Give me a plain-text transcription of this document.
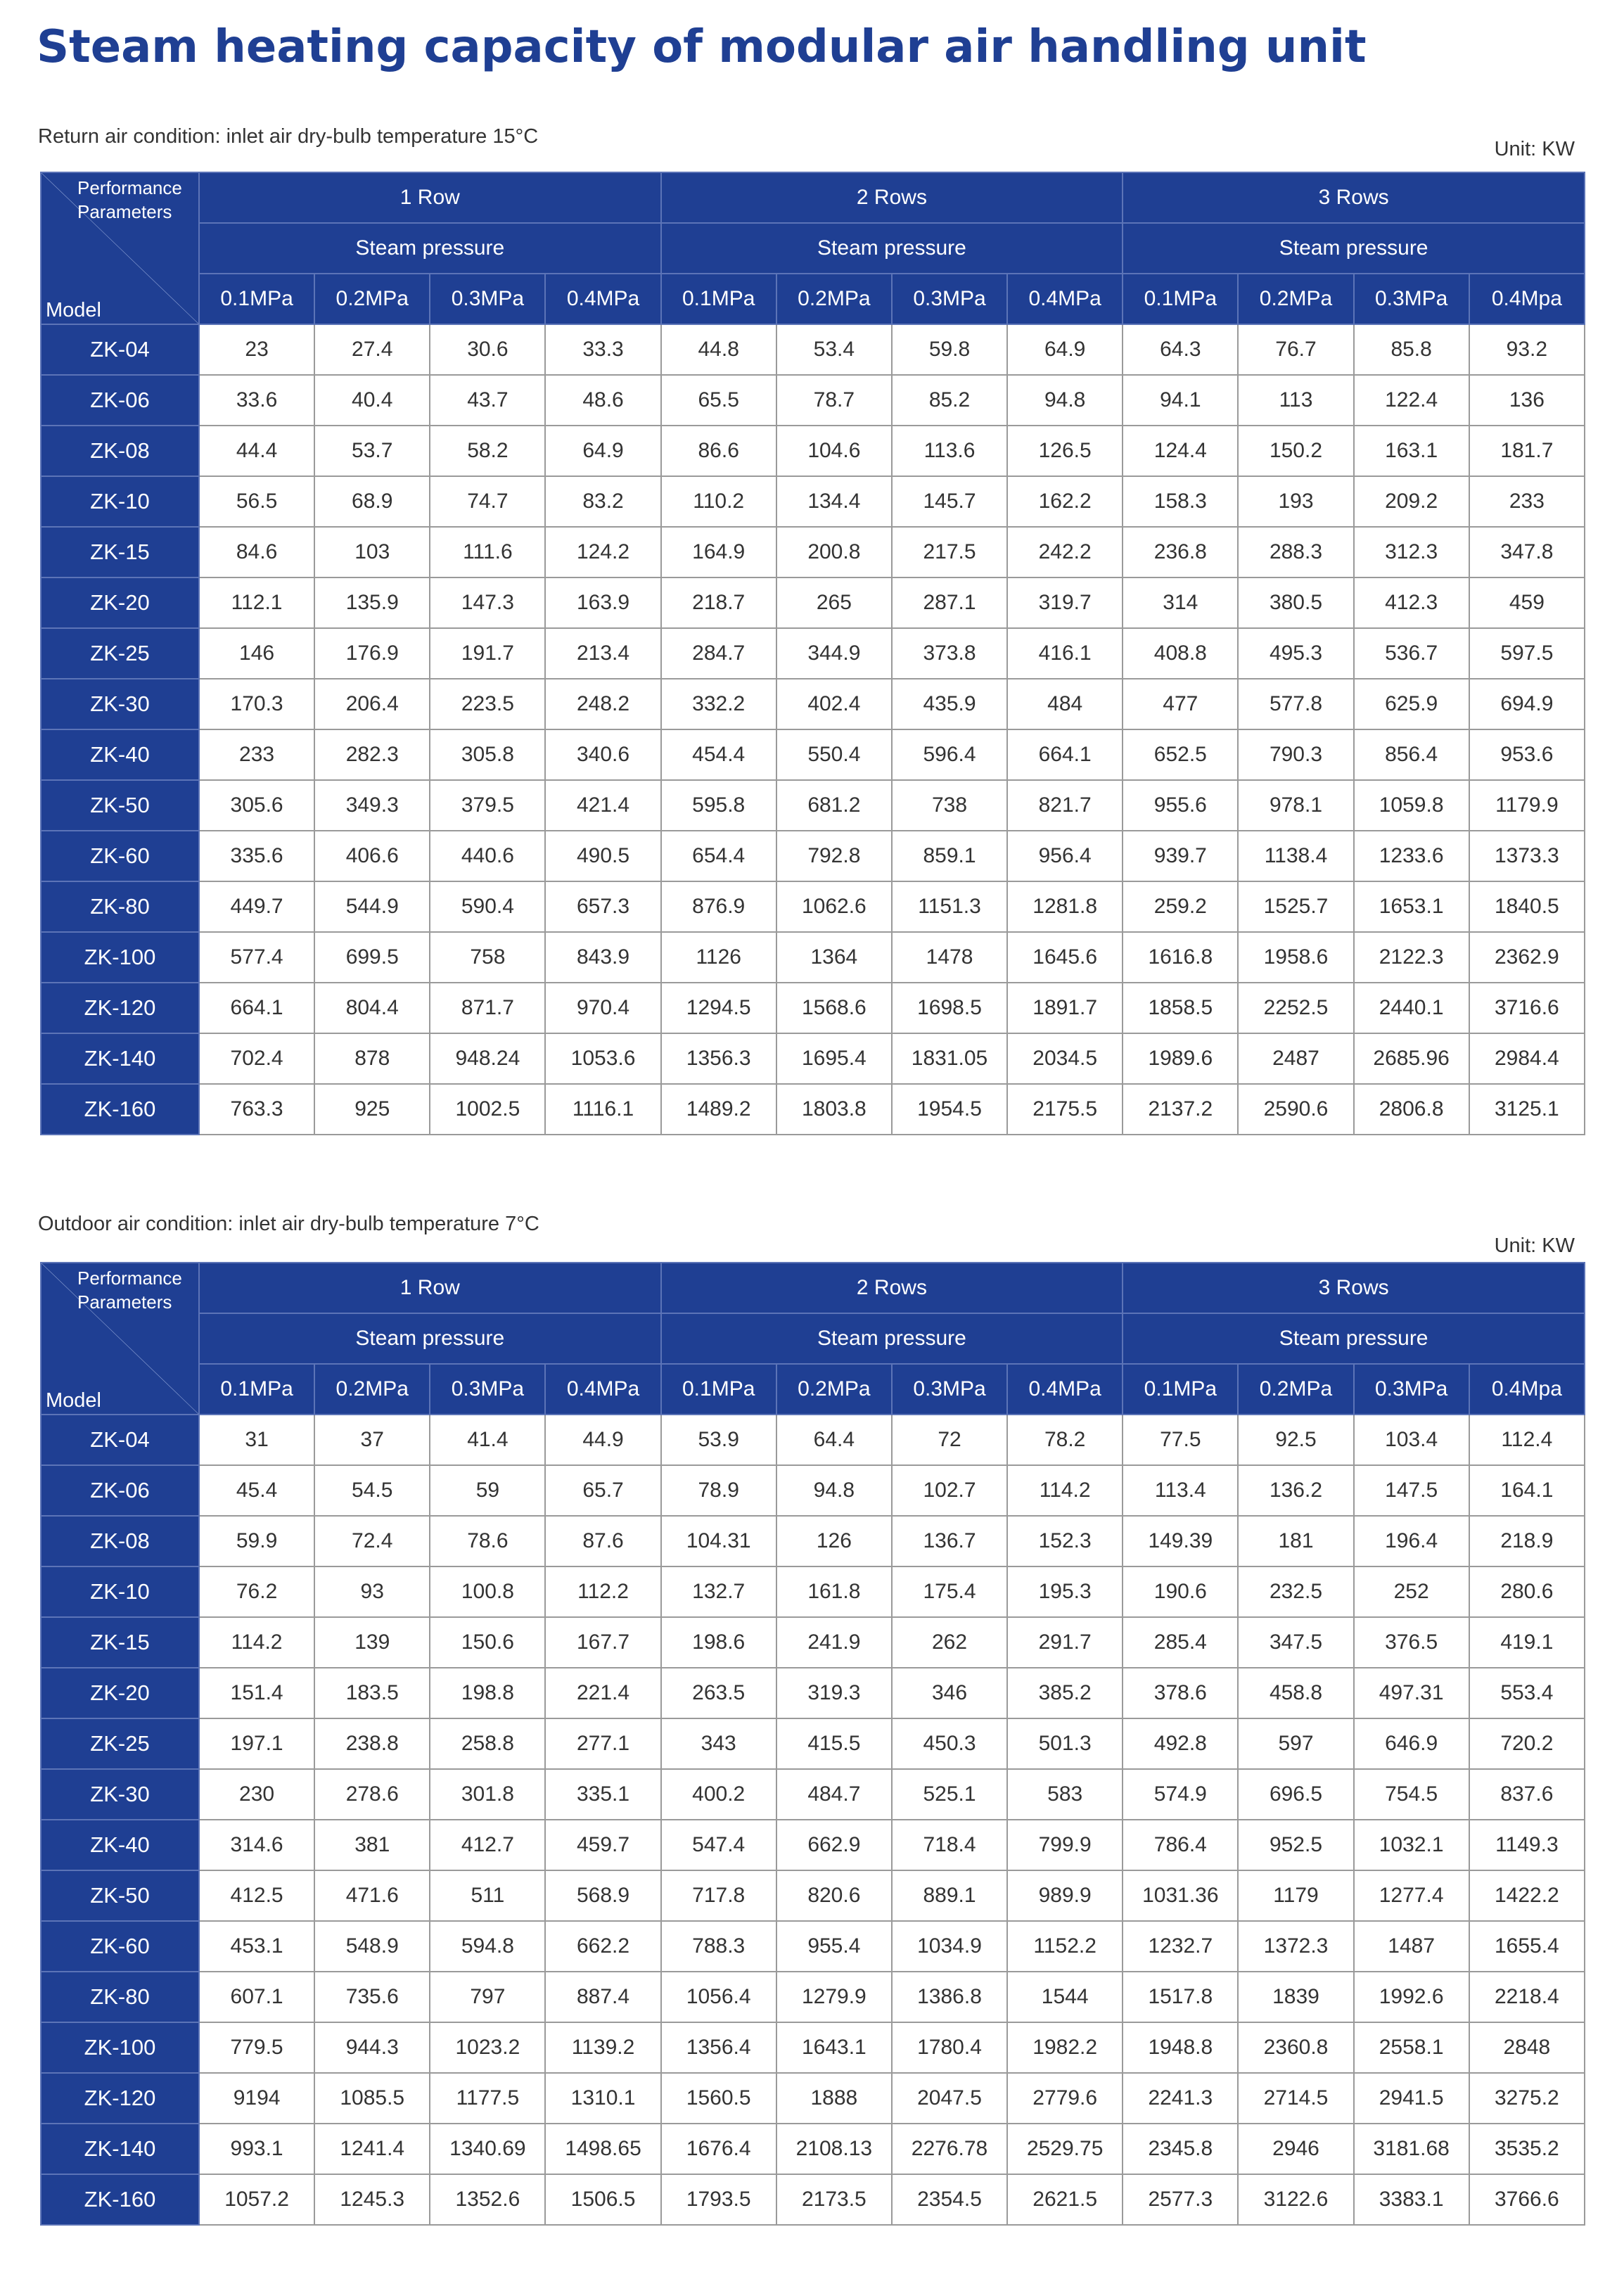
Steam heating capacity of modular air handling unit
Return air condition: inlet air dry-bulb temperature 15°C
Unit: KW
Performance Parameters
Model	1 Row				2 Rows				3 Rows			
	Steam pressure				Steam pressure				Steam pressure			
	0.1MPa	0.2MPa	0.3MPa	0.4MPa	0.1MPa	0.2MPa	0.3MPa	0.4MPa	0.1MPa	0.2MPa	0.3MPa	0.4Mpa
ZK-04	23	27.4	30.6	33.3	44.8	53.4	59.8	64.9	64.3	76.7	85.8	93.2
ZK-06	33.6	40.4	43.7	48.6	65.5	78.7	85.2	94.8	94.1	113	122.4	136
ZK-08	44.4	53.7	58.2	64.9	86.6	104.6	113.6	126.5	124.4	150.2	163.1	181.7
ZK-10	56.5	68.9	74.7	83.2	110.2	134.4	145.7	162.2	158.3	193	209.2	233
ZK-15	84.6	103	111.6	124.2	164.9	200.8	217.5	242.2	236.8	288.3	312.3	347.8
ZK-20	112.1	135.9	147.3	163.9	218.7	265	287.1	319.7	314	380.5	412.3	459
ZK-25	146	176.9	191.7	213.4	284.7	344.9	373.8	416.1	408.8	495.3	536.7	597.5
ZK-30	170.3	206.4	223.5	248.2	332.2	402.4	435.9	484	477	577.8	625.9	694.9
ZK-40	233	282.3	305.8	340.6	454.4	550.4	596.4	664.1	652.5	790.3	856.4	953.6
ZK-50	305.6	349.3	379.5	421.4	595.8	681.2	738	821.7	955.6	978.1	1059.8	1179.9
ZK-60	335.6	406.6	440.6	490.5	654.4	792.8	859.1	956.4	939.7	1138.4	1233.6	1373.3
ZK-80	449.7	544.9	590.4	657.3	876.9	1062.6	1151.3	1281.8	259.2	1525.7	1653.1	1840.5
ZK-100	577.4	699.5	758	843.9	1126	1364	1478	1645.6	1616.8	1958.6	2122.3	2362.9
ZK-120	664.1	804.4	871.7	970.4	1294.5	1568.6	1698.5	1891.7	1858.5	2252.5	2440.1	3716.6
ZK-140	702.4	878	948.24	1053.6	1356.3	1695.4	1831.05	2034.5	1989.6	2487	2685.96	2984.4
ZK-160	763.3	925	1002.5	1116.1	1489.2	1803.8	1954.5	2175.5	2137.2	2590.6	2806.8	3125.1
Outdoor air condition: inlet air dry-bulb temperature 7°C
Unit: KW
Performance Parameters
Model	1 Row				2 Rows				3 Rows			
	Steam pressure				Steam pressure				Steam pressure			
	0.1MPa	0.2MPa	0.3MPa	0.4MPa	0.1MPa	0.2MPa	0.3MPa	0.4MPa	0.1MPa	0.2MPa	0.3MPa	0.4Mpa
ZK-04	31	37	41.4	44.9	53.9	64.4	72	78.2	77.5	92.5	103.4	112.4
ZK-06	45.4	54.5	59	65.7	78.9	94.8	102.7	114.2	113.4	136.2	147.5	164.1
ZK-08	59.9	72.4	78.6	87.6	104.31	126	136.7	152.3	149.39	181	196.4	218.9
ZK-10	76.2	93	100.8	112.2	132.7	161.8	175.4	195.3	190.6	232.5	252	280.6
ZK-15	114.2	139	150.6	167.7	198.6	241.9	262	291.7	285.4	347.5	376.5	419.1
ZK-20	151.4	183.5	198.8	221.4	263.5	319.3	346	385.2	378.6	458.8	497.31	553.4
ZK-25	197.1	238.8	258.8	277.1	343	415.5	450.3	501.3	492.8	597	646.9	720.2
ZK-30	230	278.6	301.8	335.1	400.2	484.7	525.1	583	574.9	696.5	754.5	837.6
ZK-40	314.6	381	412.7	459.7	547.4	662.9	718.4	799.9	786.4	952.5	1032.1	1149.3
ZK-50	412.5	471.6	511	568.9	717.8	820.6	889.1	989.9	1031.36	1179	1277.4	1422.2
ZK-60	453.1	548.9	594.8	662.2	788.3	955.4	1034.9	1152.2	1232.7	1372.3	1487	1655.4
ZK-80	607.1	735.6	797	887.4	1056.4	1279.9	1386.8	1544	1517.8	1839	1992.6	2218.4
ZK-100	779.5	944.3	1023.2	1139.2	1356.4	1643.1	1780.4	1982.2	1948.8	2360.8	2558.1	2848
ZK-120	9194	1085.5	1177.5	1310.1	1560.5	1888	2047.5	2779.6	2241.3	2714.5	2941.5	3275.2
ZK-140	993.1	1241.4	1340.69	1498.65	1676.4	2108.13	2276.78	2529.75	2345.8	2946	3181.68	3535.2
ZK-160	1057.2	1245.3	1352.6	1506.5	1793.5	2173.5	2354.5	2621.5	2577.3	3122.6	3383.1	3766.6
